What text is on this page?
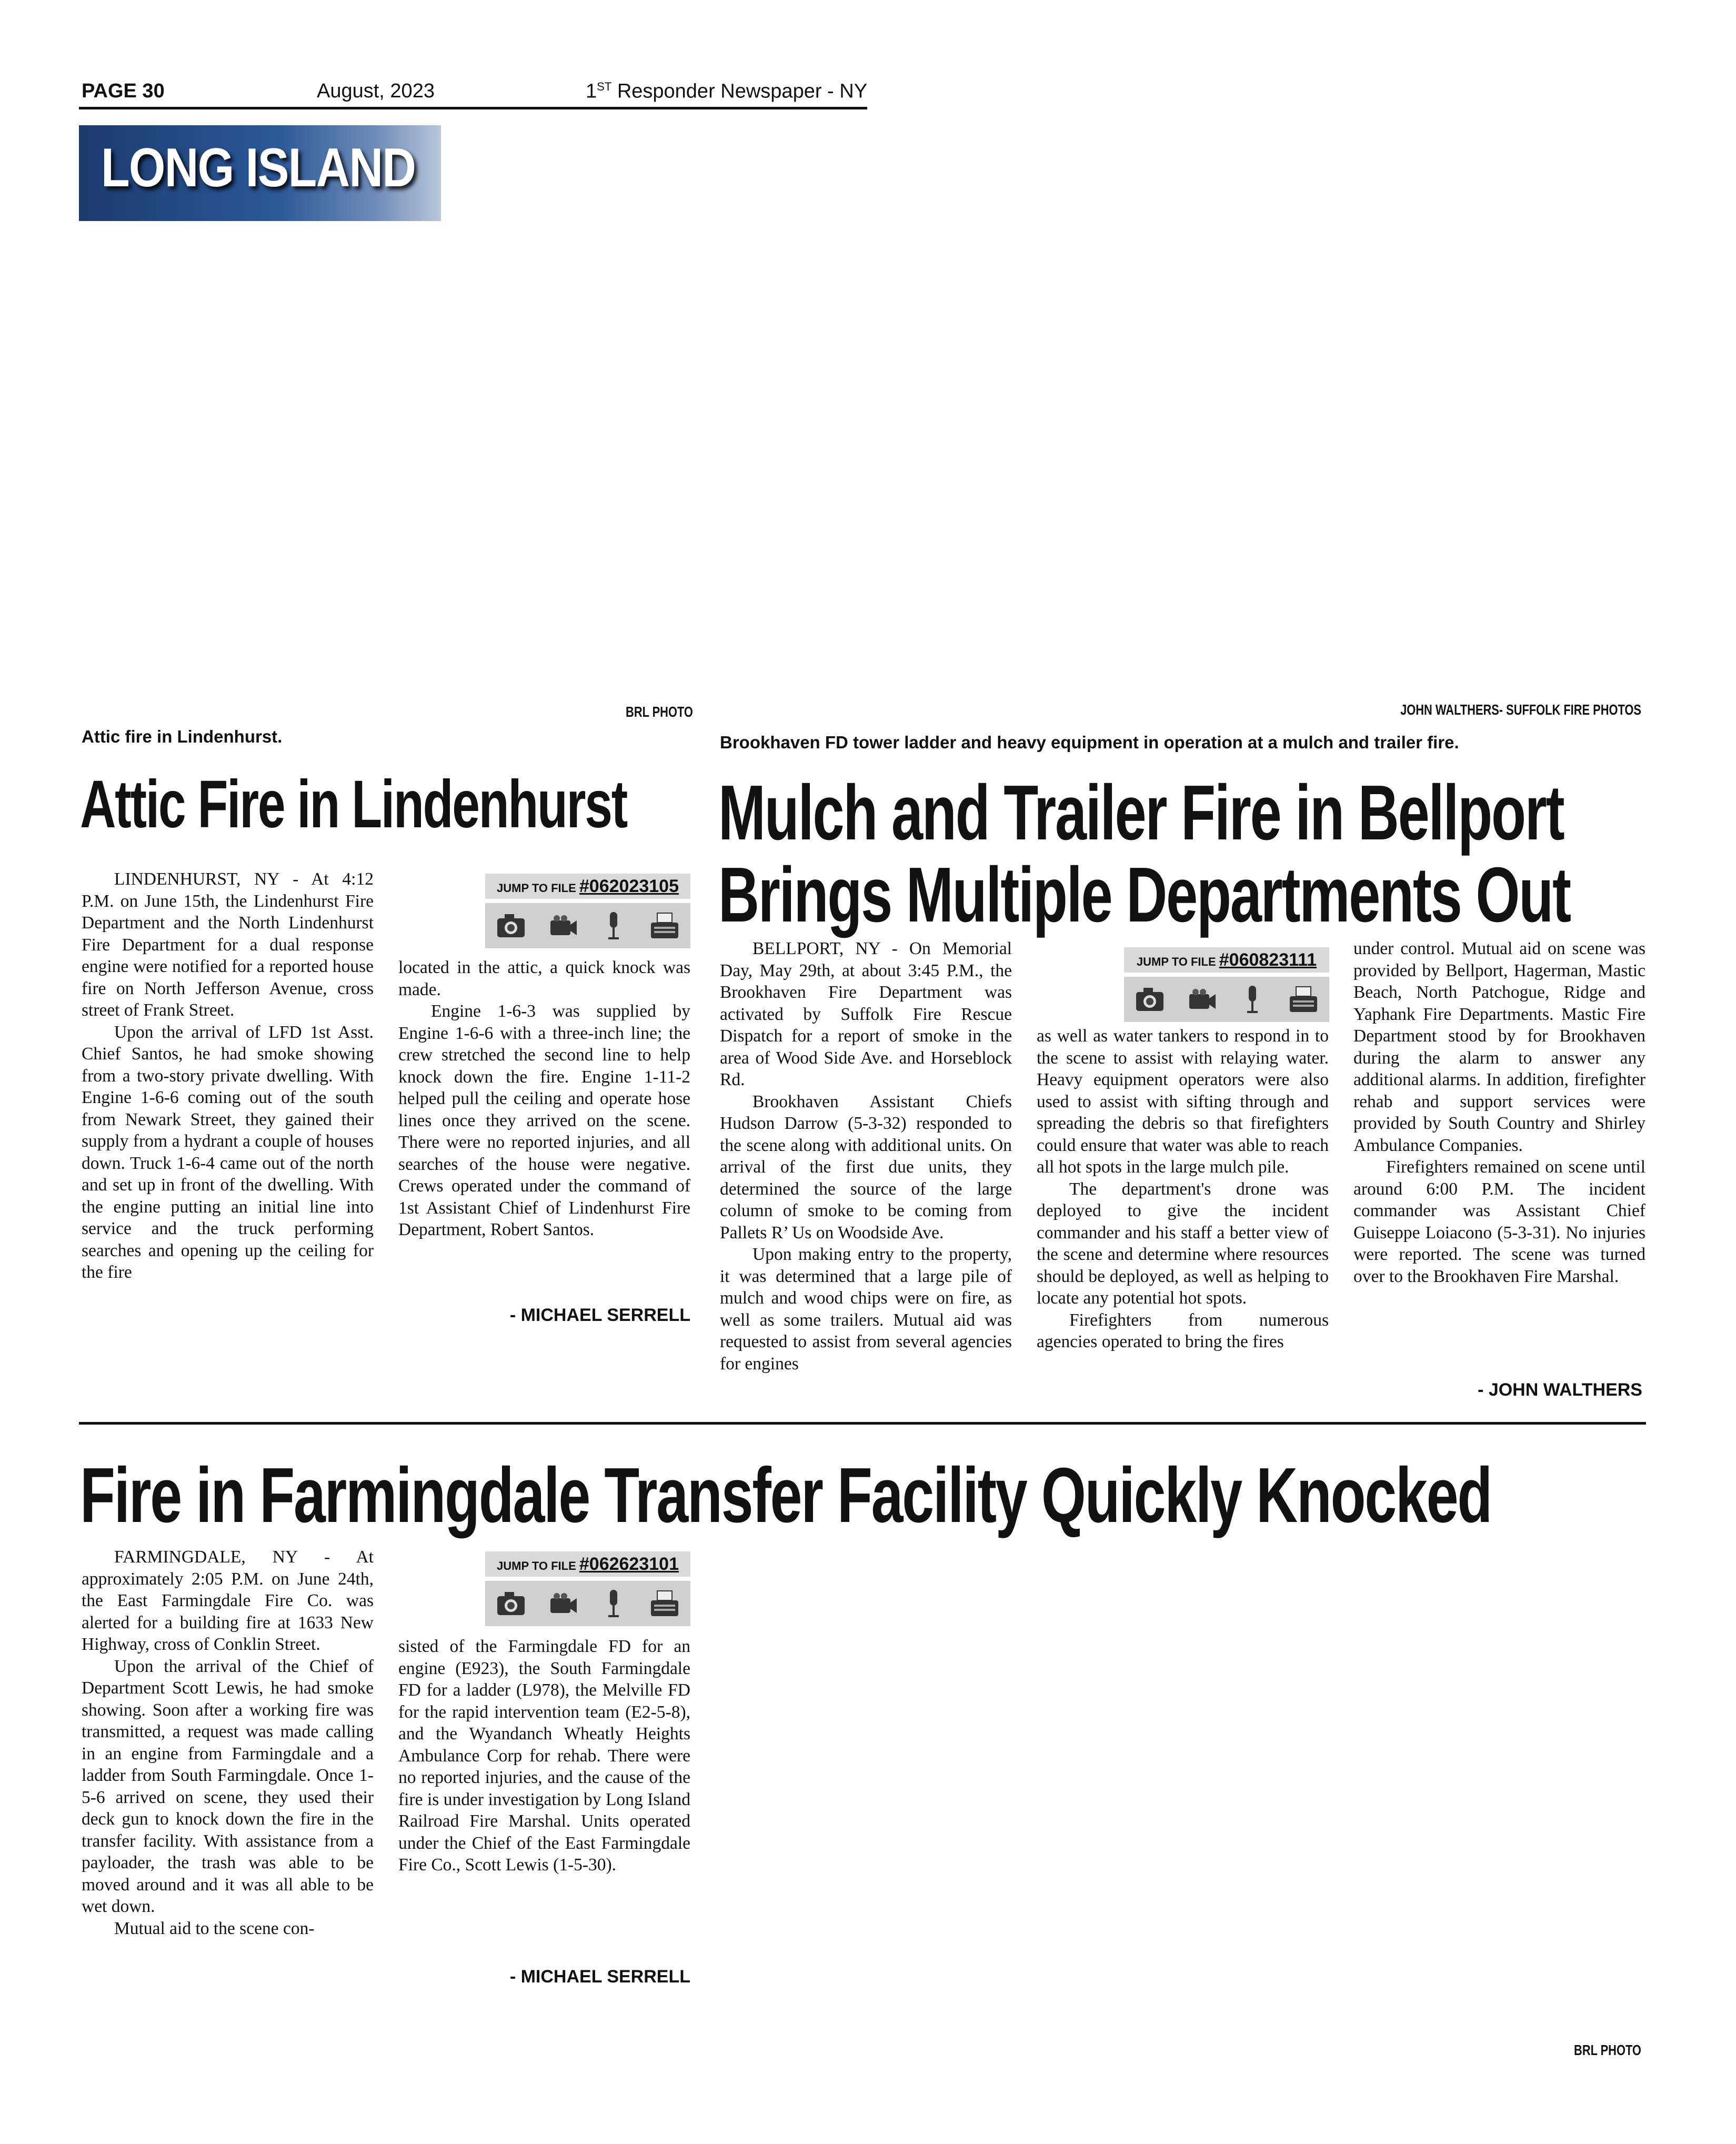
PAGE 30	August, 2023	1ST Responder Newspaper - NY
LONG ISLAND
BRL PHOTO
Attic fire in Lindenhurst.
Attic Fire in Lindenhurst
JUMP TO FILE #062023105

LINDENHURST, NY - At 4:12 P.M. on June 15th, the Lindenhurst Fire Department and the North Lindenhurst Fire Department for a dual response engine were notified for a reported house fire on North Jefferson Avenue, cross street of Frank Street.

Upon the arrival of LFD 1st Asst. Chief Santos, he had smoke showing from a two-story private dwelling. With Engine 1-6-6 coming out of the south from Newark Street, they gained their supply from a hydrant a couple of houses down. Truck 1-6-4 came out of the north and set up in front of the dwelling. With the engine putting an initial line into service and the truck performing searches and opening up the ceiling for the fire

located in the attic, a quick knock was made.

Engine 1-6-3 was supplied by Engine 1-6-6 with a three-inch line; the crew stretched the second line to help knock down the fire. Engine 1-11-2 helped pull the ceiling and operate hose lines once they arrived on the scene. There were no reported injuries, and all searches of the house were negative. Crews operated under the command of 1st Assistant Chief of Lindenhurst Fire Department, Robert Santos.

- MICHAEL SERRELL
JOHN WALTHERS- SUFFOLK FIRE PHOTOS
Brookhaven FD tower ladder and heavy equipment in operation at a mulch and trailer fire.
Mulch and Trailer Fire in Bellport
Brings Multiple Departments Out
JUMP TO FILE #060823111

BELLPORT, NY - On Memorial Day, May 29th, at about 3:45 P.M., the Brookhaven Fire Department was activated by Suffolk Fire Rescue Dispatch for a report of smoke in the area of Wood Side Ave. and Horseblock Rd.

Brookhaven Assistant Chiefs Hudson Darrow (5-3-32) responded to the scene along with additional units. On arrival of the first due units, they determined the source of the large column of smoke to be coming from Pallets R’ Us on Woodside Ave.

Upon making entry to the property, it was determined that a large pile of mulch and wood chips were on fire, as well as some trailers. Mutual aid was requested to assist from several agencies for engines

as well as water tankers to respond in to the scene to assist with relaying water. Heavy equipment operators were also used to assist with sifting through and spreading the debris so that firefighters could ensure that water was able to reach all hot spots in the large mulch pile.

The department's drone was deployed to give the incident commander and his staff a better view of the scene and determine where resources should be deployed, as well as helping to locate any potential hot spots.

Firefighters from numerous agencies operated to bring the fires

under control. Mutual aid on scene was provided by Bellport, Hagerman, Mastic Beach, North Patchogue, Ridge and Yaphank Fire Departments. Mastic Fire Department stood by for Brookhaven during the alarm to answer any additional alarms. In addition, firefighter rehab and support services were provided by South Country and Shirley Ambulance Companies.

Firefighters remained on scene until around 6:00 P.M. The incident commander was Assistant Chief Guiseppe Loiacono (5-3-31). No injuries were reported. The scene was turned over to the Brookhaven Fire Marshal.

- JOHN WALTHERS
Fire in Farmingdale Transfer Facility Quickly Knocked
JUMP TO FILE #062623101

FARMINGDALE, NY - At approximately 2:05 P.M. on June 24th, the East Farmingdale Fire Co. was alerted for a building fire at 1633 New Highway, cross of Conklin Street.

Upon the arrival of the Chief of Department Scott Lewis, he had smoke showing. Soon after a working fire was transmitted, a request was made calling in an engine from Farmingdale and a ladder from South Farmingdale. Once 1-5-6 arrived on scene, they used their deck gun to knock down the fire in the transfer facility. With assistance from a payloader, the trash was able to be moved around and it was all able to be wet down.

Mutual aid to the scene con-

sisted of the Farmingdale FD for an engine (E923), the South Farmingdale FD for a ladder (L978), the Melville FD for the rapid intervention team (E2-5-8), and the Wyandanch Wheatly Heights Ambulance Corp for rehab. There were no reported injuries, and the cause of the fire is under investigation by Long Island Railroad Fire Marshal. Units operated under the Chief of the East Farmingdale Fire Co., Scott Lewis (1-5-30).

- MICHAEL SERRELL
BRL PHOTO
